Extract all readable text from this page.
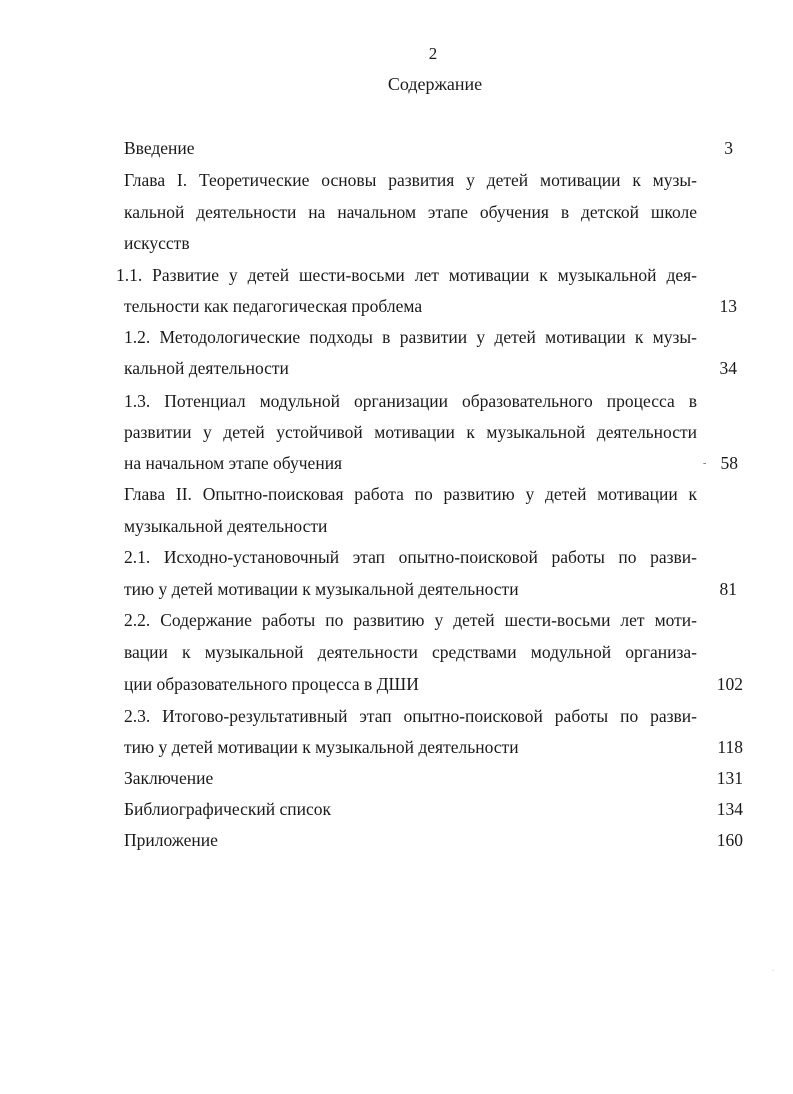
2
Содержание
Введение	3
Глава I. Теоретические основы развития у детей мотивации к музы-
кальной деятельности на начальном этапе обучения в детской школе
искусств
1.1. Развитие у детей шести-восьми лет мотивации к музыкальной дея-
тельности как педагогическая проблема	13
1.2. Методологические подходы в развитии у детей мотивации к музы-
кальной деятельности	34
1.3. Потенциал модульной организации образовательного процесса в
развитии у детей устойчивой мотивации к музыкальной деятельности
на начальном этапе обучения	- 58
Глава II. Опытно-поисковая работа по развитию у детей мотивации к
музыкальной деятельности
2.1. Исходно-установочный этап опытно-поисковой работы по разви-
тию у детей мотивации к музыкальной деятельности	81
2.2. Содержание работы по развитию у детей шести-восьми лет моти-
вации к музыкальной деятельности средствами модульной организа-
ции образовательного процесса в ДШИ	102
2.3. Итогово-результативный этап опытно-поисковой работы по разви-
тию у детей мотивации к музыкальной деятельности	118
Заключение	131
Библиографический список	134
Приложение	160
·
